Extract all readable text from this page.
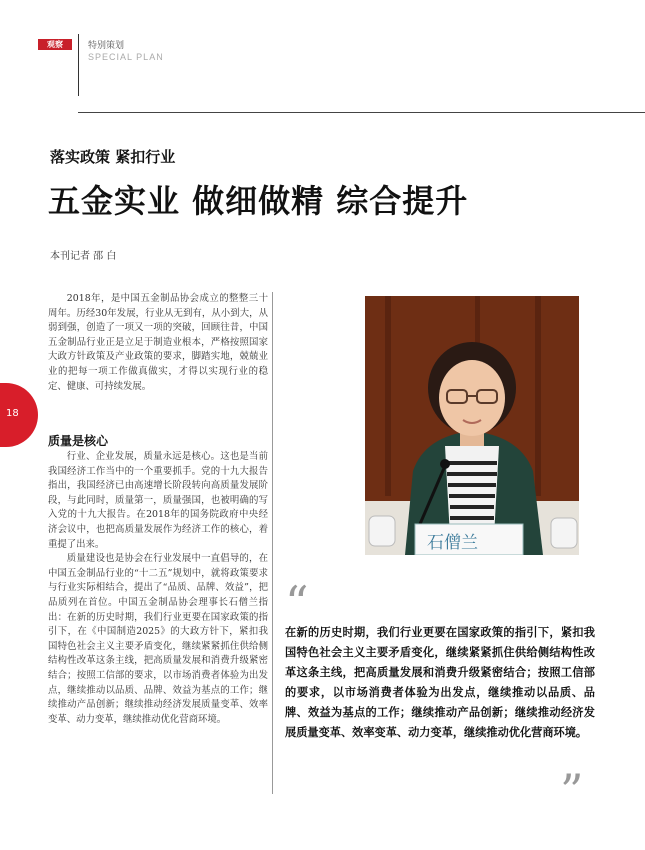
观察	特别策划
SPECIAL PLAN
落实政策 紧扣行业
五金实业 做细做精 综合提升
本刊记者 邵 白
18

2018年，是中国五金制品协会成立的整整三十周年。历经30年发展，行业从无到有，从小到大，从弱到强，创造了一项又一项的突破，回顾往昔，中国五金制品行业正是立足于制造业根本，严格按照国家大政方针政策及产业政策的要求，脚踏实地，兢兢业业的把每一项工作做真做实，才得以实现行业的稳定、健康、可持续发展。

质量是核心

行业、企业发展，质量永远是核心。这也是当前我国经济工作当中的一个重要抓手。党的十九大报告指出，我国经济已由高速增长阶段转向高质量发展阶段，与此同时，质量第一，质量强国，也被明确的写入党的十九大报告。在2018年的国务院政府中央经济会议中，也把高质量发展作为经济工作的核心，着重提了出来。

质量建设也是协会在行业发展中一直倡导的，在中国五金制品行业的“十二五”规划中，就将政策要求与行业实际相结合，提出了“品质、品牌、效益”，把品质列在首位。中国五金制品协会理事长石僧兰指出：在新的历史时期，我们行业更要在国家政策的指引下，在《中国制造2025》的大政方针下，紧扣我国特色社会主义主要矛盾变化，继续紧紧抓住供给侧结构性改革这条主线，把高质量发展和消费升级紧密结合；按照工信部的要求，以市场消费者体验为出发点，继续推动以品质、品牌、效益为基点的工作；继续推动产品创新；继续推动经济发展质量变革、效率变革、动力变革，继续推动优化营商环境。

石僧兰
“
在新的历史时期，我们行业更要在国家政策的指引下，紧扣我国特色社会主义主要矛盾变化，继续紧紧抓住供给侧结构性改革这条主线，把高质量发展和消费升级紧密结合；按照工信部的要求，以市场消费者体验为出发点，继续推动以品质、品牌、效益为基点的工作；继续推动产品创新；继续推动经济发展质量变革、效率变革、动力变革，继续推动优化营商环境。
”
